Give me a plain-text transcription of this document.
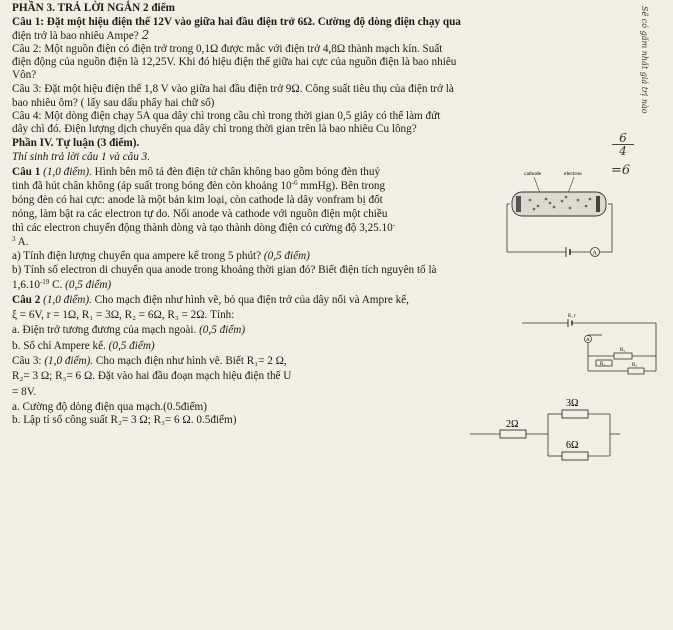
PHẦN 3. TRẢ LỜI NGẮN 2 điểm
Câu 1: Đặt một hiệu điện thế 12V vào giữa hai đầu điện trở 6Ω. Cường độ dòng điện chạy qua
điện trở là bao nhiêu Ampe? 2
Câu 2: Một nguồn điện có điện trở trong 0,1Ω được mắc với điện trở 4,8Ω thành mạch kín. Suất
điện động của nguồn điện là 12,25V. Khi đó hiệu điện thế giữa hai cực của nguồn điện là bao nhiêu
Vôn?
Câu 3: Đặt một hiệu điện thế 1,8 V vào giữa hai đầu điện trở 9Ω. Công suất tiêu thụ của điện trở là
bao nhiêu ôm? ( lấy sau dấu phẩy hai chữ số)
Câu 4: Một dòng điện chạy 5A qua dây chì trong cầu chì trong thời gian 0,5 giây có thể làm đứt
dây chì đó. Điện lượng dịch chuyển qua dây chì trong thời gian trên là bao nhiêu Cu lông?
Phần IV. Tự luận (3 điểm).
Thí sinh trả lời câu 1 và câu 3.
Câu 1 (1,0 điểm). Hình bên mô tả đèn điện tử chân không bao gồm bóng đèn thuỷ
tinh đã hút chân không (áp suất trong bóng đèn còn khoảng $10^{-6}$ mmHg). Bên trong
bóng đèn có hai cực: anode là một bản kim loại, còn cathode là dây vonfram bị đốt
nóng, làm bật ra các electron tự do. Nối anode và cathode với nguồn điện một chiều
thì các electron chuyển động thành dòng và tạo thành dòng điện có cường độ 3,25.10-
$^3$ A.
a) Tính điện lượng chuyển qua ampere kế trong 5 phút? (0,5 điểm)
b) Tính số electron di chuyển qua anode trong khoảng thời gian đó? Biết điện tích nguyên tố là
$1,6.10^{-19}$ C. (0,5 điểm)
Câu 2 (1,0 điểm). Cho mạch điện như hình vẽ, bỏ qua điện trở của dây nối và Ampre kế,
ξ = 6V, r = 1Ω, R₁ = 3Ω, R₂ = 6Ω, R₃ = 2Ω. Tính:
a. Điện trở tương đương của mạch ngoài. (0,5 điểm)
b. Số chỉ Ampere kế. (0,5 điểm)
Câu 3: (1,0 điểm). Cho mạch điện như hình vẽ. Biết R₁= 2 Ω,
R₂= 3 Ω; R₃= 6 Ω. Đặt vào hai đầu đoạn mạch hiệu điện thế U
= 8V.
a. Cường độ dòng điện qua mạch.(0.5điểm)
b. Lập tỉ số công suất R₂= 3 Ω; R₃= 6 Ω. 0.5điểm)
cathode	electron
A
E, r
A
R₂
R₁	R₃
2Ω
3Ω
6Ω
Sẽ có gấm nhất giá trị nào
$\frac{6}{4}$
=6
